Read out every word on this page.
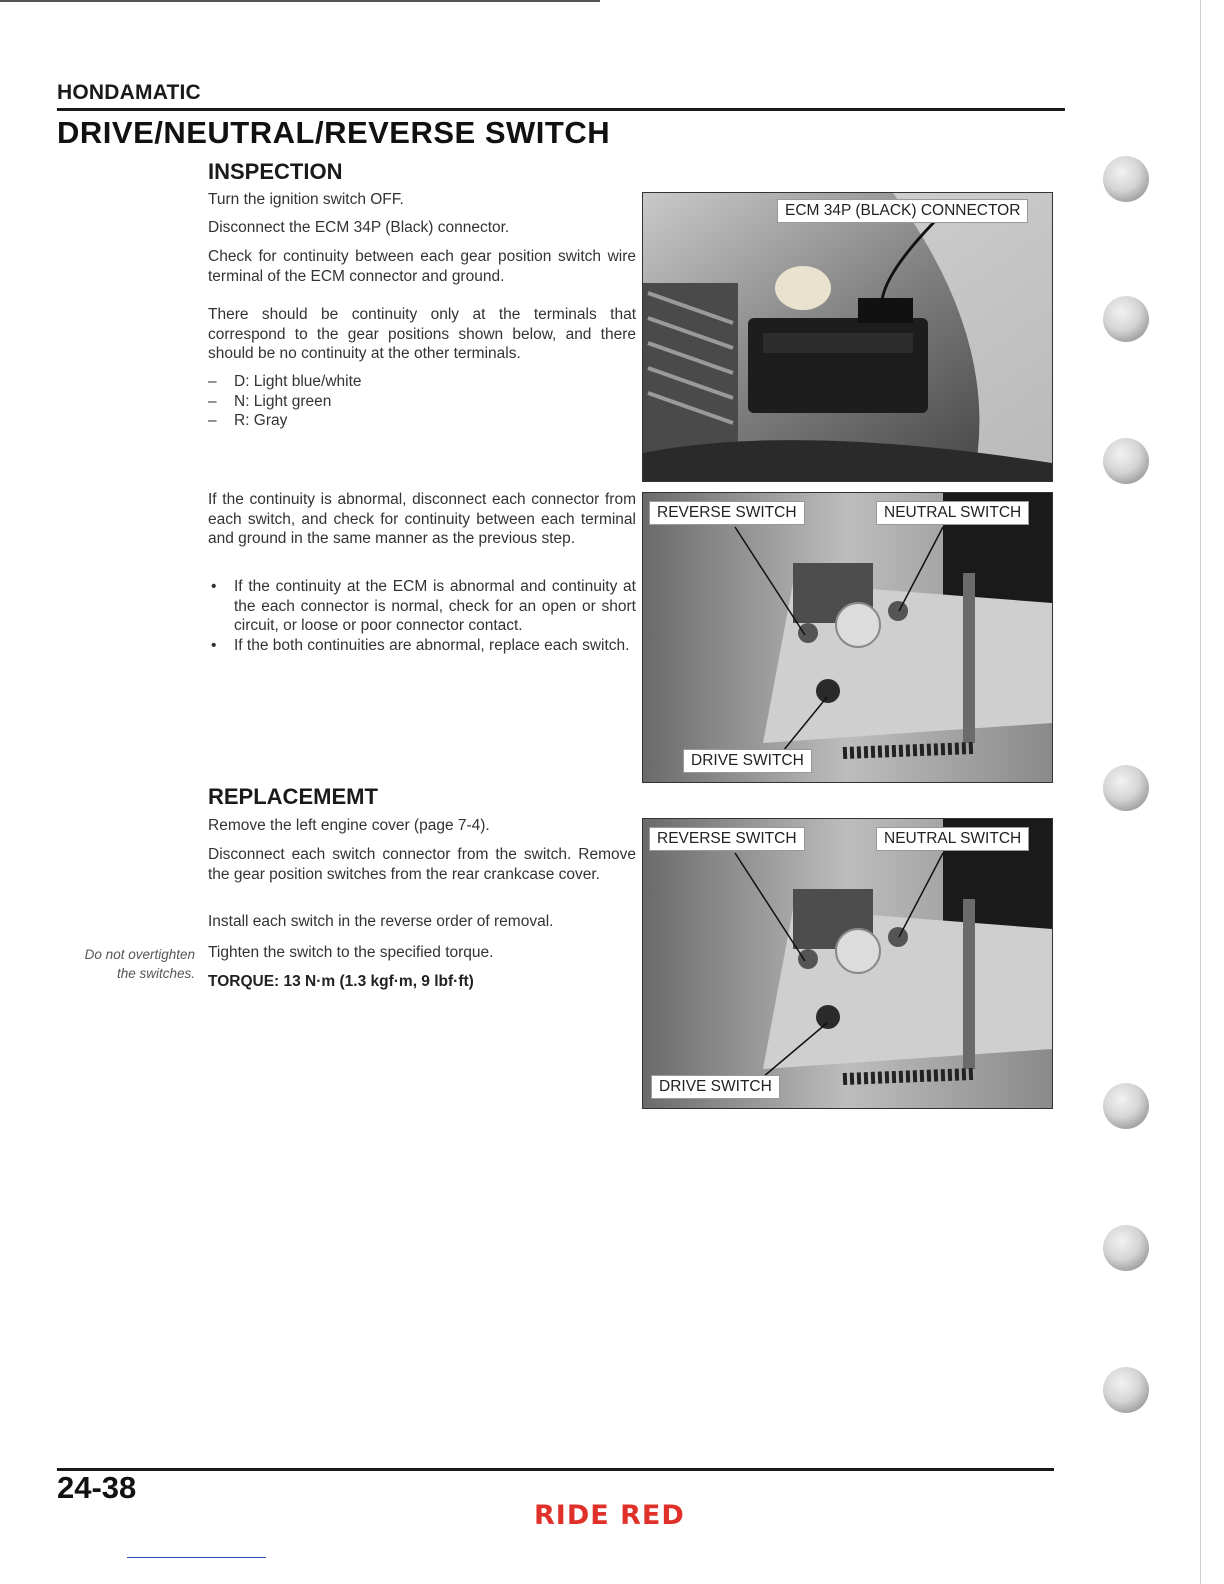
HONDAMATIC
DRIVE/NEUTRAL/REVERSE SWITCH
INSPECTION

Turn the ignition switch OFF.

Disconnect the ECM 34P (Black) connector.

Check for continuity between each gear position switch wire terminal of the ECM connector and ground.

There should be continuity only at the terminals that correspond to the gear positions shown below, and there should be no continuity at the other terminals.

– D: Light blue/white
– N: Light green
– R: Gray

If the continuity is abnormal, disconnect each connector from each switch, and check for continuity between each terminal and ground in the same manner as the previous step.

• If the continuity at the ECM is abnormal and continuity at the each connector is normal, check for an open or short circuit, or loose or poor connector contact.
• If the both continuities are abnormal, replace each switch.
REPLACEMEMT

Remove the left engine cover (page 7-4).

Disconnect each switch connector from the switch. Remove the gear position switches from the rear crankcase cover.

Install each switch in the reverse order of removal.

Tighten the switch to the specified torque.

TORQUE: 13 N·m (1.3 kgf·m, 9 lbf·ft)

Do not overtighten
the switches.
ECM 34P (BLACK) CONNECTOR
REVERSE SWITCH	NEUTRAL SWITCH
DRIVE SWITCH
REVERSE SWITCH	NEUTRAL SWITCH
DRIVE SWITCH
24-38
RIDE RED
